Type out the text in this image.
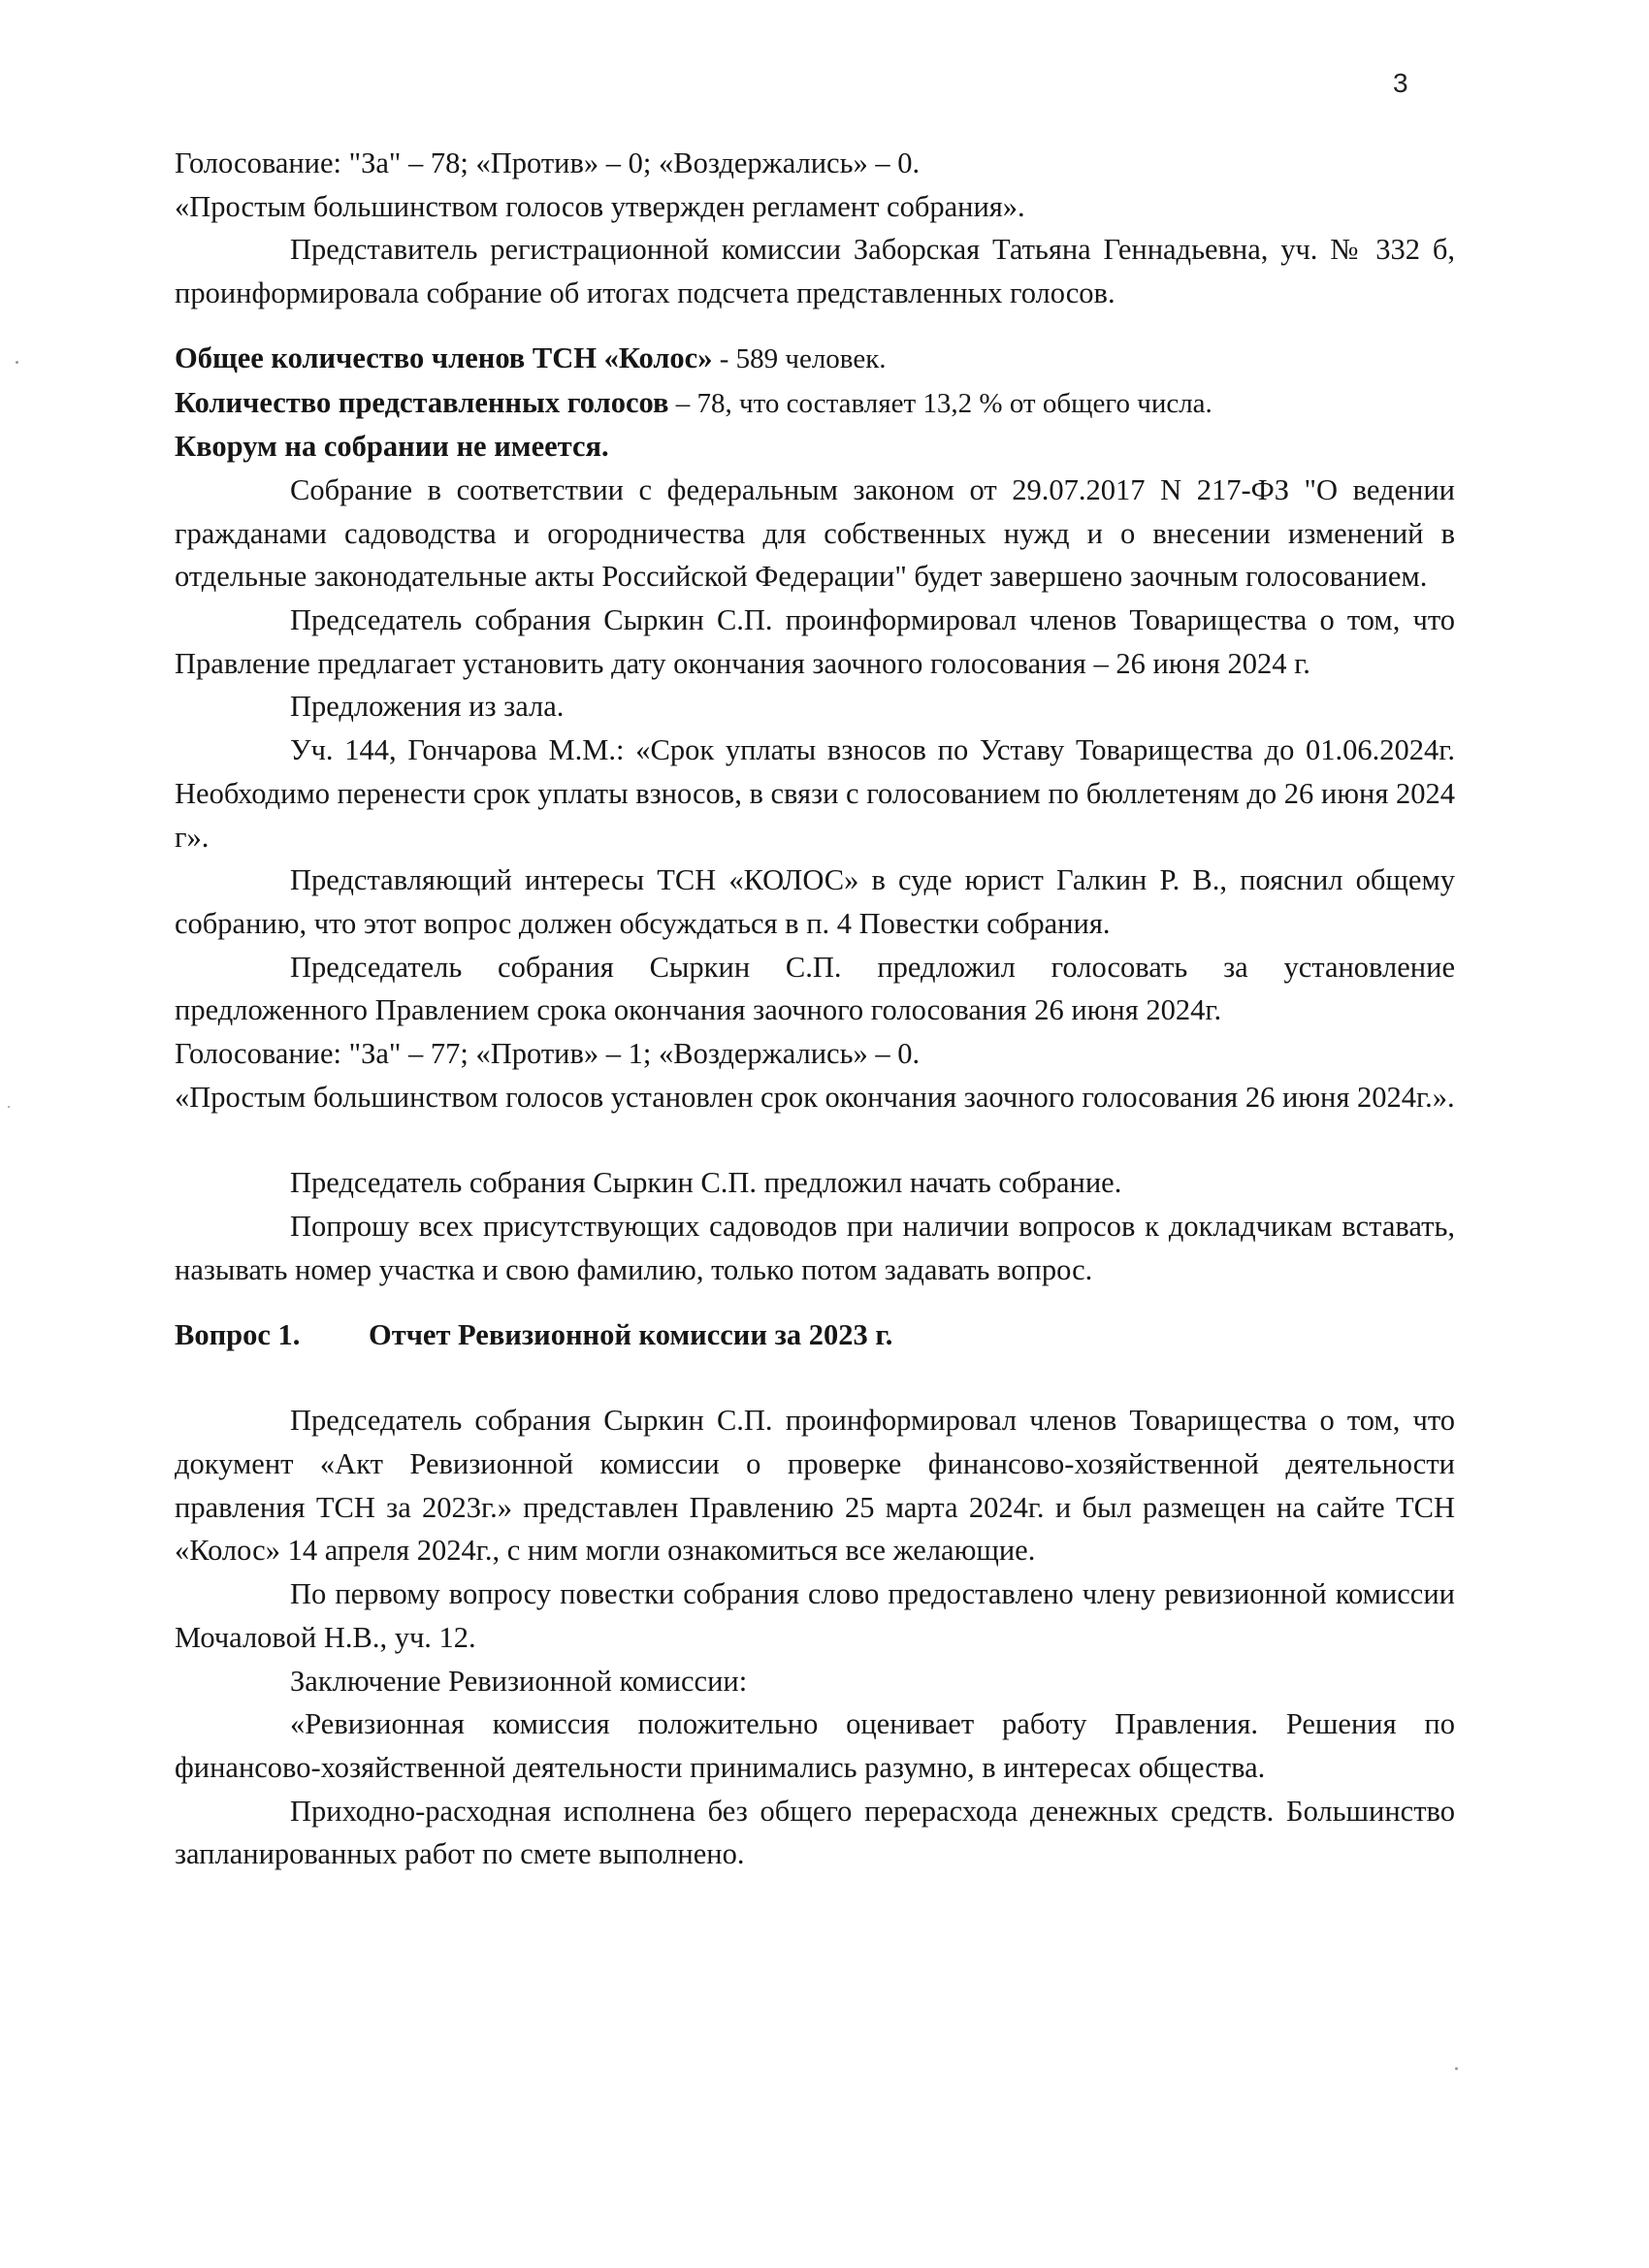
3

Голосование: "За" – 78; «Против» – 0; «Воздержались» – 0.

«Простым большинством голосов утвержден регламент собрания».

Представитель регистрационной комиссии Заборская Татьяна Геннадьевна, уч. № 332 б, проинформировала собрание об итогах подсчета представленных голосов.

Общее количество членов ТСН «Колос» - 589 человек.

Количество представленных голосов – 78, что составляет 13,2 % от общего числа.

Кворум на собрании не имеется.

Собрание в соответствии с федеральным законом от 29.07.2017 N 217-ФЗ "О ведении гражданами садоводства и огородничества для собственных нужд и о внесении изменений в отдельные законодательные акты Российской Федерации" будет завершено заочным голосованием.

Председатель собрания Сыркин С.П. проинформировал членов Товарищества о том, что Правление предлагает установить дату окончания заочного голосования – 26 июня 2024 г.

Предложения из зала.

Уч. 144, Гончарова М.М.: «Срок уплаты взносов по Уставу Товарищества до 01.06.2024г. Необходимо перенести срок уплаты взносов, в связи с голосованием по бюллетеням до 26 июня 2024 г».

Представляющий интересы ТСН «КОЛОС» в суде юрист Галкин Р. В., пояснил общему собранию, что этот вопрос должен обсуждаться в п. 4 Повестки собрания.

Председатель собрания Сыркин С.П. предложил голосовать за установление предложенного Правлением срока окончания заочного голосования 26 июня 2024г.

Голосование: "За" – 77; «Против» – 1; «Воздержались» – 0.

«Простым большинством голосов установлен срок окончания заочного голосования 26 июня 2024г.».

Председатель собрания Сыркин С.П. предложил начать собрание.

Попрошу всех присутствующих садоводов при наличии вопросов к докладчикам вставать, называть номер участка и свою фамилию, только потом задавать вопрос.

Вопрос 1. Отчет Ревизионной комиссии за 2023 г.

Председатель собрания Сыркин С.П. проинформировал членов Товарищества о том, что документ «Акт Ревизионной комиссии о проверке финансово-хозяйственной деятельности правления ТСН за 2023г.» представлен Правлению 25 марта 2024г. и был размещен на сайте ТСН «Колос» 14 апреля 2024г., с ним могли ознакомиться все желающие.

По первому вопросу повестки собрания слово предоставлено члену ревизионной комиссии Мочаловой Н.В., уч. 12.

Заключение Ревизионной комиссии:

«Ревизионная комиссия положительно оценивает работу Правления. Решения по финансово-хозяйственной деятельности принимались разумно, в интересах общества.

Приходно-расходная исполнена без общего перерасхода денежных средств. Большинство запланированных работ по смете выполнено.
